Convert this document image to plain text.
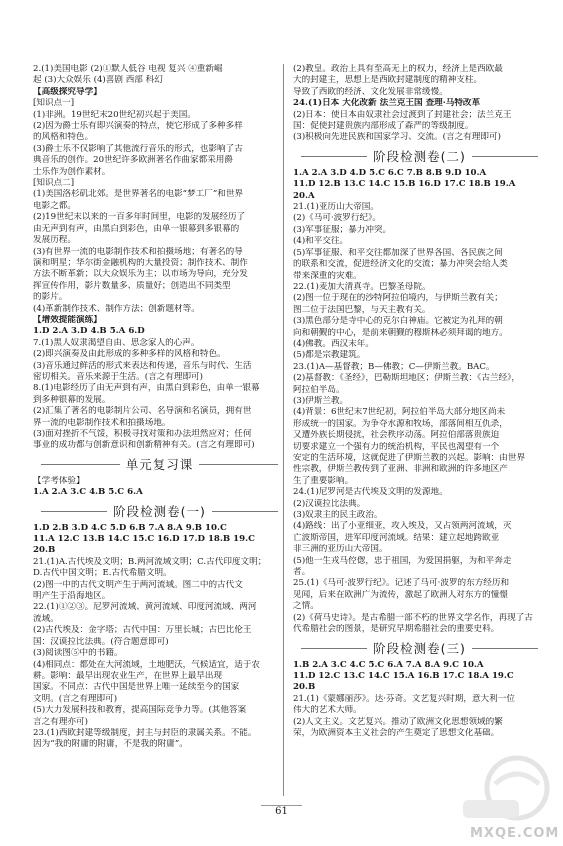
2.(1)美国电影 (2)①默人低谷 电视 复兴 ④重新崛
起 (3)大众娱乐 (4)喜剧 西部 科幻
【高级探究导学】
[知识点一]
(1)非洲。19世纪末20世纪初兴起于美国。
(2)因为爵士乐有即兴演奏的特点，使它形成了多种多样
的风格和特色。
(3)爵士乐不仅影响了其他流行音乐的形式，也影响了古
典音乐的创作。20世纪许多欧洲著名作曲家都采用爵
士乐作为创作素材。
[知识点二]
(1)美国洛杉矶北郊。是世界著名的电影“梦工厂”和世界
电影之都。
(2)19世纪末以来的一百多年时间里，电影的发展经历了
由无声到有声，由黑白到彩色，由单一银幕到多银幕的
发展历程。
(3)有世界一流的电影制作技术和拍摄场地；有著名的导
演和明星；华尔街金融机构的大量投资；制作技术、制作
方法不断革新；以大众娱乐为主；以市场为导向，充分发
挥宣传作用，影片数量多、质量好；创造出不同类型
的影片。
(4)革新制作技术、制作方法；创新题材等。
【增效提能演练】
1.D 2.A 3.D 4.B 5.A 6.D
7.(1)黑人奴隶渴望自由、思念家人的心声。
(2)即兴演奏及由此形成的多种多样的风格和特色。
(3)音乐通过鲜活的形式来表达和传递，音乐与时代、生活
密切相关。音乐来源于生活。(言之有理即可)
8.(1)电影经历了由无声到有声，由黑白到彩色，由单一银幕
到多种银幕的发展。
(2)汇集了著名的电影制片公司、名导演和名演员，拥有世
界一流的电影制作技术和拍摄场地。
(3)面对挫折不气馁，积极寻找对策和办法坦然应对；任何
事业的成功都与创新意识和创新精神有关。(言之有理即可)
单元复习课
【学考体验】
1.A 2.A 3.C 4.B 5.C 6.A
阶段检测卷(一)
1.D 2.B 3.D 4.C 5.D 6.B 7.A 8.A 9.B 10.C
11.A 12.C 13.B 14.C 15.C 16.D 17.D 18.B 19.C
20.B
21.(1)A.古代埃及文明；B.两河流域文明；C.古代印度文明；
D.古代中国文明；E.古代希腊文明。
(2)图一中的古代文明产生于两河流域。图二中的古代文
明产生于沿海地区。
22.(1)①②③。尼罗河流域、黄河流域、印度河流域、两河
流域。
(2)古代埃及：金字塔；古代中国：万里长城；古巴比伦王
国：汉谟拉比法典。(符合题意即可)
(3)阅读图⑤中的书籍。
(4)相同点：都处在大河流域，土地肥沃，气候适宜，适于农
耕。影响：最早出现农业生产，在世界上最早出现
国家。不同点：古代中国是世界上唯一延续至今的国家
文明。(言之有理即可)
(5)大力发展科技和教育，提高国际竞争力等。(其他答案
言之有理亦可)
23.(1)西欧封建等级制度，封主与封臣的隶属关系。不能。
因为“我的附庸的附庸，不是我的附庸”。
(2)教皇。政治上具有至高无上的权力，经济上是西欧最
大的封建主，思想上是西欧封建制度的精神支柱。
导致了西欧的经济、文化发展非常缓慢。
24.(1)日本 大化改新 法兰克王国 查理·马特改革
(2)日本：使日本由奴隶社会过渡到了封建社会；法兰克王
国：促使封建贵族内部形成了森严的等级制度。
(3)积极向先进民族和国家学习、交流。(言之有理即可)
阶段检测卷(二)
1.A 2.A 3.D 4.D 5.C 6.C 7.B 8.B 9.D 10.A
11.D 12.B 13.C 14.C 15.B 16.D 17.C 18.B 19.A
20.A
21.(1)亚历山大帝国。
(2)《马可·波罗行纪》。
(3)军事征服；暴力冲突。
(4)和平交往。
(5)军事征服、和平交往都加深了世界各国、各民族之间
的联系和交流，促进经济文化的交流；暴力冲突会给人类
带来深重的灾难。
22.(1)麦加大清真寺。巴黎圣母院。
(2)图一位于现在的沙特阿拉伯境内，与伊斯兰教有关；
图二位于法国巴黎，与天主教有关。
(3)黑色部分是寺中心的克尔白神庙。它被定为礼拜的朝
向和朝觐的中心，是前来朝觐的穆斯林必须拜谒的地方。
(4)佛教。西汉末年。
(5)都是宗教建筑。
23.(1)A—基督教；B—佛教；C—伊斯兰教。BAC。
(2)基督教：《圣经》，巴勒斯坦地区；伊斯兰教：《古兰经》，
阿拉伯半岛。
(3)伊斯兰教。
(4)背景：6世纪末7世纪初，阿拉伯半岛大部分地区尚未
形成统一的国家。为争夺水源和牧场，部落间相互仇杀，
又遭外族长期侵扰，社会秩序动荡。阿拉伯部落贵族迫
切要求建立一个强有力的统治机构，平民也渴望有一个
安定的生活环境，这就促进了伊斯兰教的兴起。影响：由世界
性宗教，伊斯兰教传到了亚洲、非洲和欧洲的许多地区产
生了重要影响。
24.(1)尼罗河是古代埃及文明的发源地。
(2)汉谟拉比法典。
(3)奴隶主的民主政治。
(4)路线：出了小亚细亚，攻入埃及，又占领两河流域，灭
亡波斯帝国，进军印度河流域。结果：建立起地跨欧亚
非三洲的亚历山大帝国。
(5)他一生戎马倥偬，忠于祖国，为爱国捐躯，为和平奔走
者。
25.(1)《马可·波罗行纪》。记述了马可·波罗的东方经历和
见闻，后来在欧洲广为流传，激起了欧洲人对东方的憧憬
之情。
(2)《荷马史诗》。是古希腊一部不朽的世界文学名作，再现了古
代希腊社会的图景，是研究早期希腊社会的重要史料。
阶段检测卷(三)
1.B 2.A 3.C 4.C 5.C 6.A 7.A 8.A 9.C 10.A
11.D 12.C 13.C 14.C 15.A 16.B 17.C 18.A 19.C
20.B
21.(1)《蒙娜丽莎》。达·芬奇。文艺复兴时期，意大利一位
伟大的艺术大师。
(2)人文主义。文艺复兴。推动了欧洲文化思想领域的繁
荣，为欧洲资本主义社会的产生奠定了思想文化基础。
61
MXQE.COM
